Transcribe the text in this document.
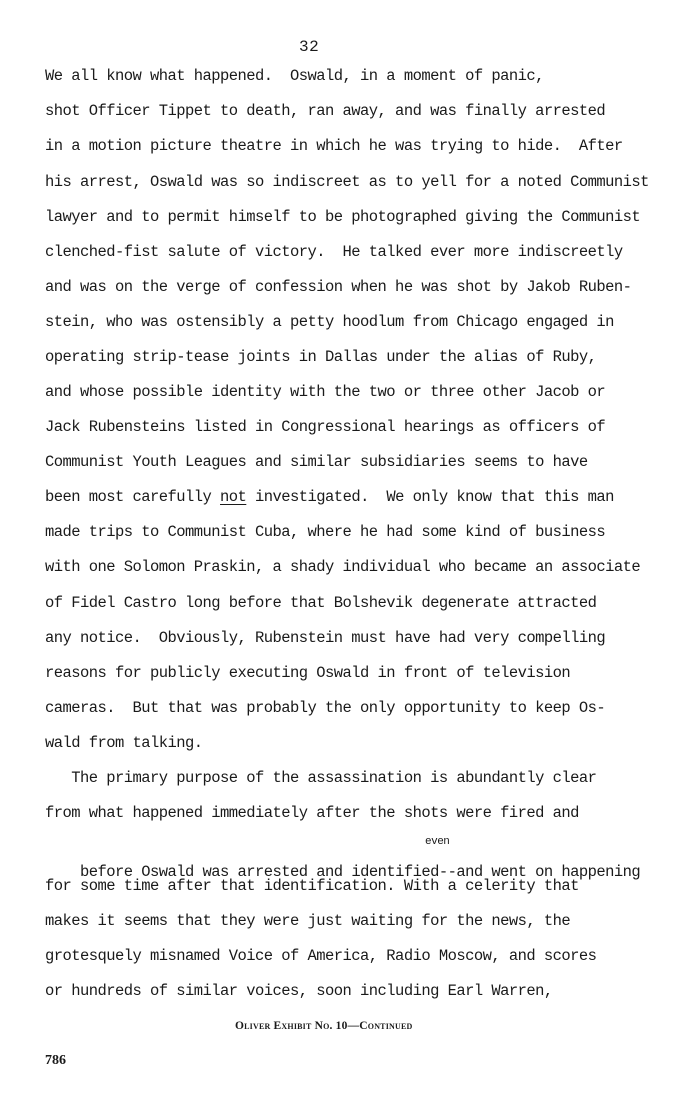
32
We all know what happened.  Oswald, in a moment of panic,
shot Officer Tippet to death, ran away, and was finally arrested
in a motion picture theatre in which he was trying to hide.  After
his arrest, Oswald was so indiscreet as to yell for a noted Communist
lawyer and to permit himself to be photographed giving the Communist
clenched-fist salute of victory.  He talked ever more indiscreetly
and was on the verge of confession when he was shot by Jakob Ruben-
stein, who was ostensibly a petty hoodlum from Chicago engaged in
operating strip-tease joints in Dallas under the alias of Ruby,
and whose possible identity with the two or three other Jacob or
Jack Rubensteins listed in Congressional hearings as officers of
Communist Youth Leagues and similar subsidiaries seems to have
been most carefully not investigated.  We only know that this man
made trips to Communist Cuba, where he had some kind of business
with one Solomon Praskin, a shady individual who became an associate
of Fidel Castro long before that Bolshevik degenerate attracted
any notice.  Obviously, Rubenstein must have had very compelling
reasons for publicly executing Oswald in front of television
cameras.  But that was probably the only opportunity to keep Os-
wald from talking.
The primary purpose of the assassination is abundantly clear
from what happened immediately after the shots were fired and

before Oswald was arrested and identified--and went on happening

even

for some time after that identification. With a celerity that
makes it seems that they were just waiting for the news, the
grotesquely misnamed Voice of America, Radio Moscow, and scores
or hundreds of similar voices, soon including Earl Warren,
Oliver Exhibit No. 10—Continued
786
